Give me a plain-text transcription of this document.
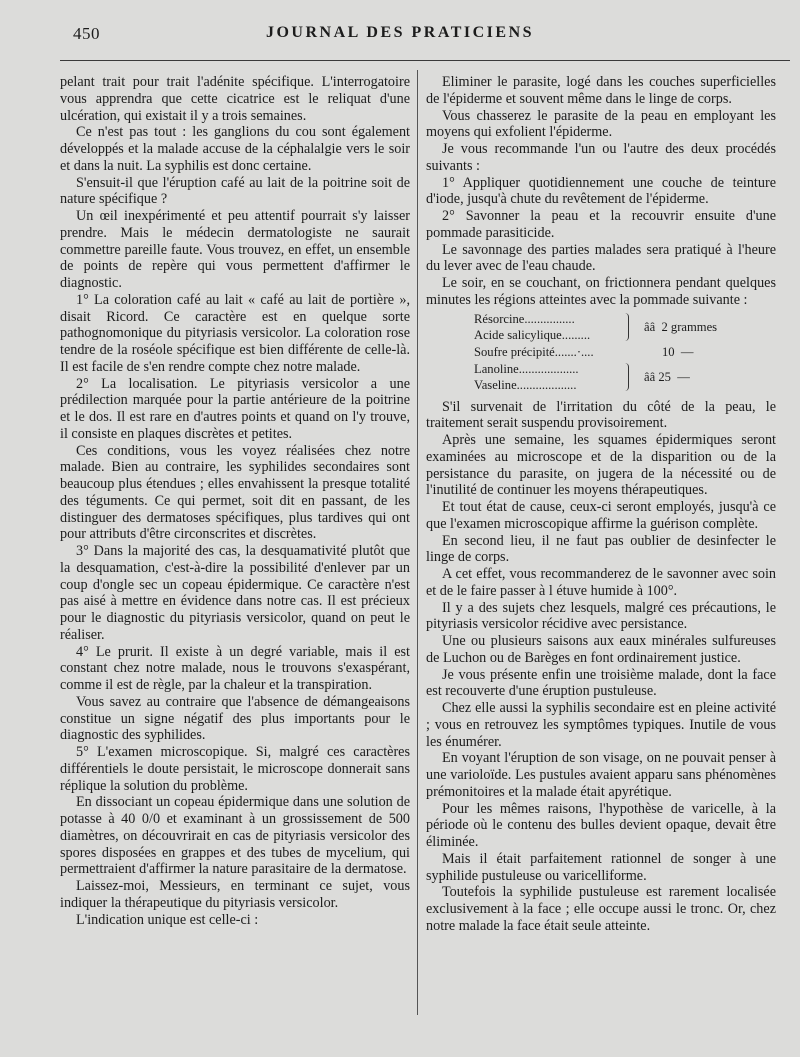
450	JOURNAL DES PRATICIENS

pelant trait pour trait l'adénite spécifique. L'interrogatoire vous apprendra que cette cicatrice est le reliquat d'une ulcération, qui existait il y a trois semaines.

Ce n'est pas tout : les ganglions du cou sont également développés et la malade accuse de la céphalalgie vers le soir et dans la nuit. La syphilis est donc certaine.

S'ensuit-il que l'éruption café au lait de la poitrine soit de nature spécifique ?

Un œil inexpérimenté et peu attentif pourrait s'y laisser prendre. Mais le médecin dermatologiste ne saurait commettre pareille faute. Vous trouvez, en effet, un ensemble de points de repère qui vous permettent d'affirmer le diagnostic.

1° La coloration café au lait « café au lait de portière », disait Ricord. Ce caractère est en quelque sorte pathognomonique du pityriasis versicolor. La coloration rose tendre de la roséole spécifique est bien différente de celle-là. Il est facile de s'en rendre compte chez notre malade.

2° La localisation. Le pityriasis versicolor a une prédilection marquée pour la partie antérieure de la poitrine et le dos. Il est rare en d'autres points et quand on l'y trouve, il consiste en plaques discrètes et petites.

Ces conditions, vous les voyez réalisées chez notre malade. Bien au contraire, les syphilides secondaires sont beaucoup plus étendues ; elles envahissent la presque totalité des téguments. Ce qui permet, soit dit en passant, de les distinguer des dermatoses spécifiques, plus tardives qui ont pour attributs d'être circonscrites et discrètes.

3° Dans la majorité des cas, la desquamativité plutôt que la desquamation, c'est-à-dire la possibilité d'enlever par un coup d'ongle sec un copeau épidermique. Ce caractère n'est pas aisé à mettre en évidence dans notre cas. Il est précieux pour le diagnostic du pityriasis versicolor, quand on peut le réaliser.

4° Le prurit. Il existe à un degré variable, mais il est constant chez notre malade, nous le trouvons s'exaspérant, comme il est de règle, par la chaleur et la transpiration.

Vous savez au contraire que l'absence de démangeaisons constitue un signe négatif des plus importants pour le diagnostic des syphilides.

5° L'examen microscopique. Si, malgré ces caractères différentiels le doute persistait, le microscope donnerait sans réplique la solution du problème.

En dissociant un copeau épidermique dans une solution de potasse à 40 0/0 et examinant à un grossissement de 500 diamètres, on découvrirait en cas de pityriasis versicolor des spores disposées en grappes et des tubes de mycelium, qui permettraient d'affirmer la nature parasitaire de la dermatose.

Laissez-moi, Messieurs, en terminant ce sujet, vous indiquer la thérapeutique du pityriasis versicolor.

L'indication unique est celle-ci :

Eliminer le parasite, logé dans les couches superficielles de l'épiderme et souvent même dans le linge de corps.

Vous chasserez le parasite de la peau en employant les moyens qui exfolient l'épiderme.

Je vous recommande l'un ou l'autre des deux procédés suivants :

1° Appliquer quotidiennement une couche de teinture d'iode, jusqu'à chute du revêtement de l'épiderme.

2° Savonner la peau et la recouvrir ensuite d'une pommade parasiticide.

Le savonnage des parties malades sera pratiqué à l'heure du lever avec de l'eau chaude.

Le soir, en se couchant, on frictionnera pendant quelques minutes les régions atteintes avec la pommade suivante :

Résorcine................
Acide salicylique.........
ââ  2 grammes
Soufre précipité.......·....	10  —
Lanoline...................
Vaseline...................
ââ 25  —

S'il survenait de l'irritation du côté de la peau, le traitement serait suspendu provisoirement.

Après une semaine, les squames épidermiques seront examinées au microscope et de la disparition ou de la persistance du parasite, on jugera de la nécessité ou de l'inutilité de continuer les moyens thérapeutiques.

Et tout état de cause, ceux-ci seront employés, jusqu'à ce que l'examen microscopique affirme la guérison complète.

En second lieu, il ne faut pas oublier de desinfecter le linge de corps.

A cet effet, vous recommanderez de le savonner avec soin et de le faire passer à l étuve humide à 100°.

Il y a des sujets chez lesquels, malgré ces précautions, le pityriasis versicolor récidive avec persistance.

Une ou plusieurs saisons aux eaux minérales sulfureuses de Luchon ou de Barèges en font ordinairement justice.

Je vous présente enfin une troisième malade, dont la face est recouverte d'une éruption pustuleuse.

Chez elle aussi la syphilis secondaire est en pleine activité ; vous en retrouvez les symptômes typiques. Inutile de vous les énumérer.

En voyant l'éruption de son visage, on ne pouvait penser à une varioloïde. Les pustules avaient apparu sans phénomènes prémonitoires et la malade était apyrétique.

Pour les mêmes raisons, l'hypothèse de varicelle, à la période où le contenu des bulles devient opaque, devait être éliminée.

Mais il était parfaitement rationnel de songer à une syphilide pustuleuse ou varicelliforme.

Toutefois la syphilide pustuleuse est rarement localisée exclusivement à la face ; elle occupe aussi le tronc. Or, chez notre malade la face était seule atteinte.
